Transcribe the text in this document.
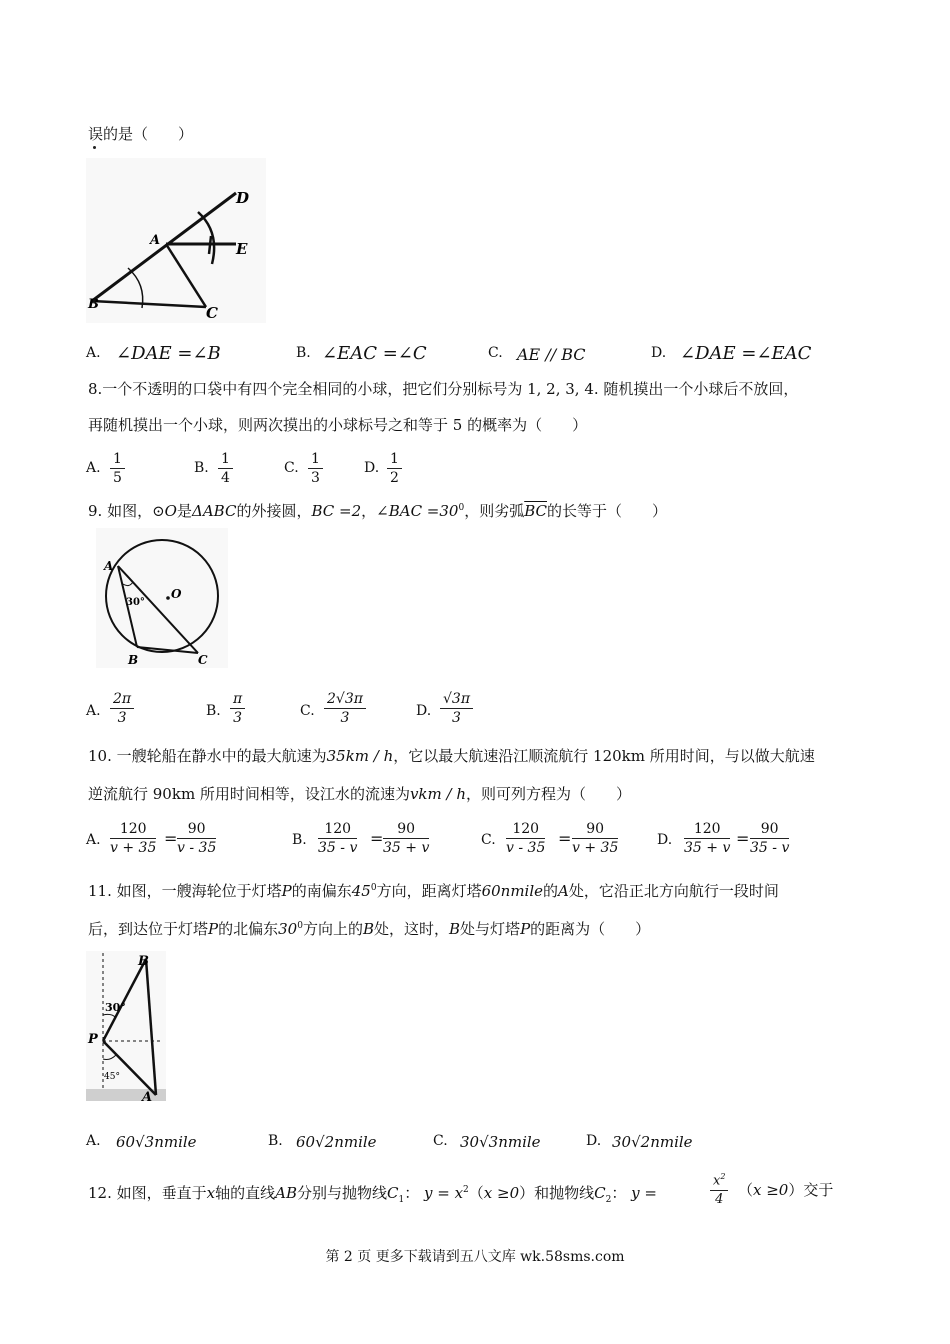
误的是（　　）
D
A	E
B	C
A. ∠DAE =∠B	B. ∠EAC =∠C	C. AE // BC	D. ∠DAE =∠EAC
8.一个不透明的口袋中有四个完全相同的小球，把它们分别标号为 1, 2, 3, 4. 随机摸出一个小球后不放回，
再随机摸出一个小球，则两次摸出的小球标号之和等于 5 的概率为（　　）
A.
1
5
B.
1
4
C.
1
3
D.
1
2
9. 如图，⊙O是ΔABC的外接圆，BC =2，∠BAC $=30^0$，则劣弧$\overline{BC}$的长等于（　　）
A
30°
O
B	C
A.
2π
3	B.
π
3	C.
2√3π
3	D.
√3π
3
10. 一艘轮船在静水中的最大航速为35km / h，它以最大航速沿江顺流航行 120km 所用时间，与以做大航速
逆流航行 90km 所用时间相等，设江水的流速为vkm / h，则可列方程为（　　）
A.
120
v + 35 = 90
v - 35	B.
120
35 - v = 90
35 + v	C.
120
v - 35 =	90
v + 35	D.
120
35 + v = 90
35 - v
11. 如图，一艘海轮位于灯塔P的南偏东$45^0$方向，距离灯塔60nmile的A处，它沿正北方向航行一段时间
后，到达位于灯塔P的北偏东$30^0$方向上的B处，这时，B处与灯塔P的距离为（　　）
B
30°
P
45°
A
A. 60√3nmile	B. 60√2nmile	C. 30√3nmile	D. 30√2nmile
12. 如图，垂直于x轴的直线AB分别与抛物线$C_1$： $y = x^2(x \ge 0)$和抛物线$C_2$： y =
$x^2$
4
（x ≥0）交于
第 2 页 更多下载请到五八文库 wk.58sms.com
